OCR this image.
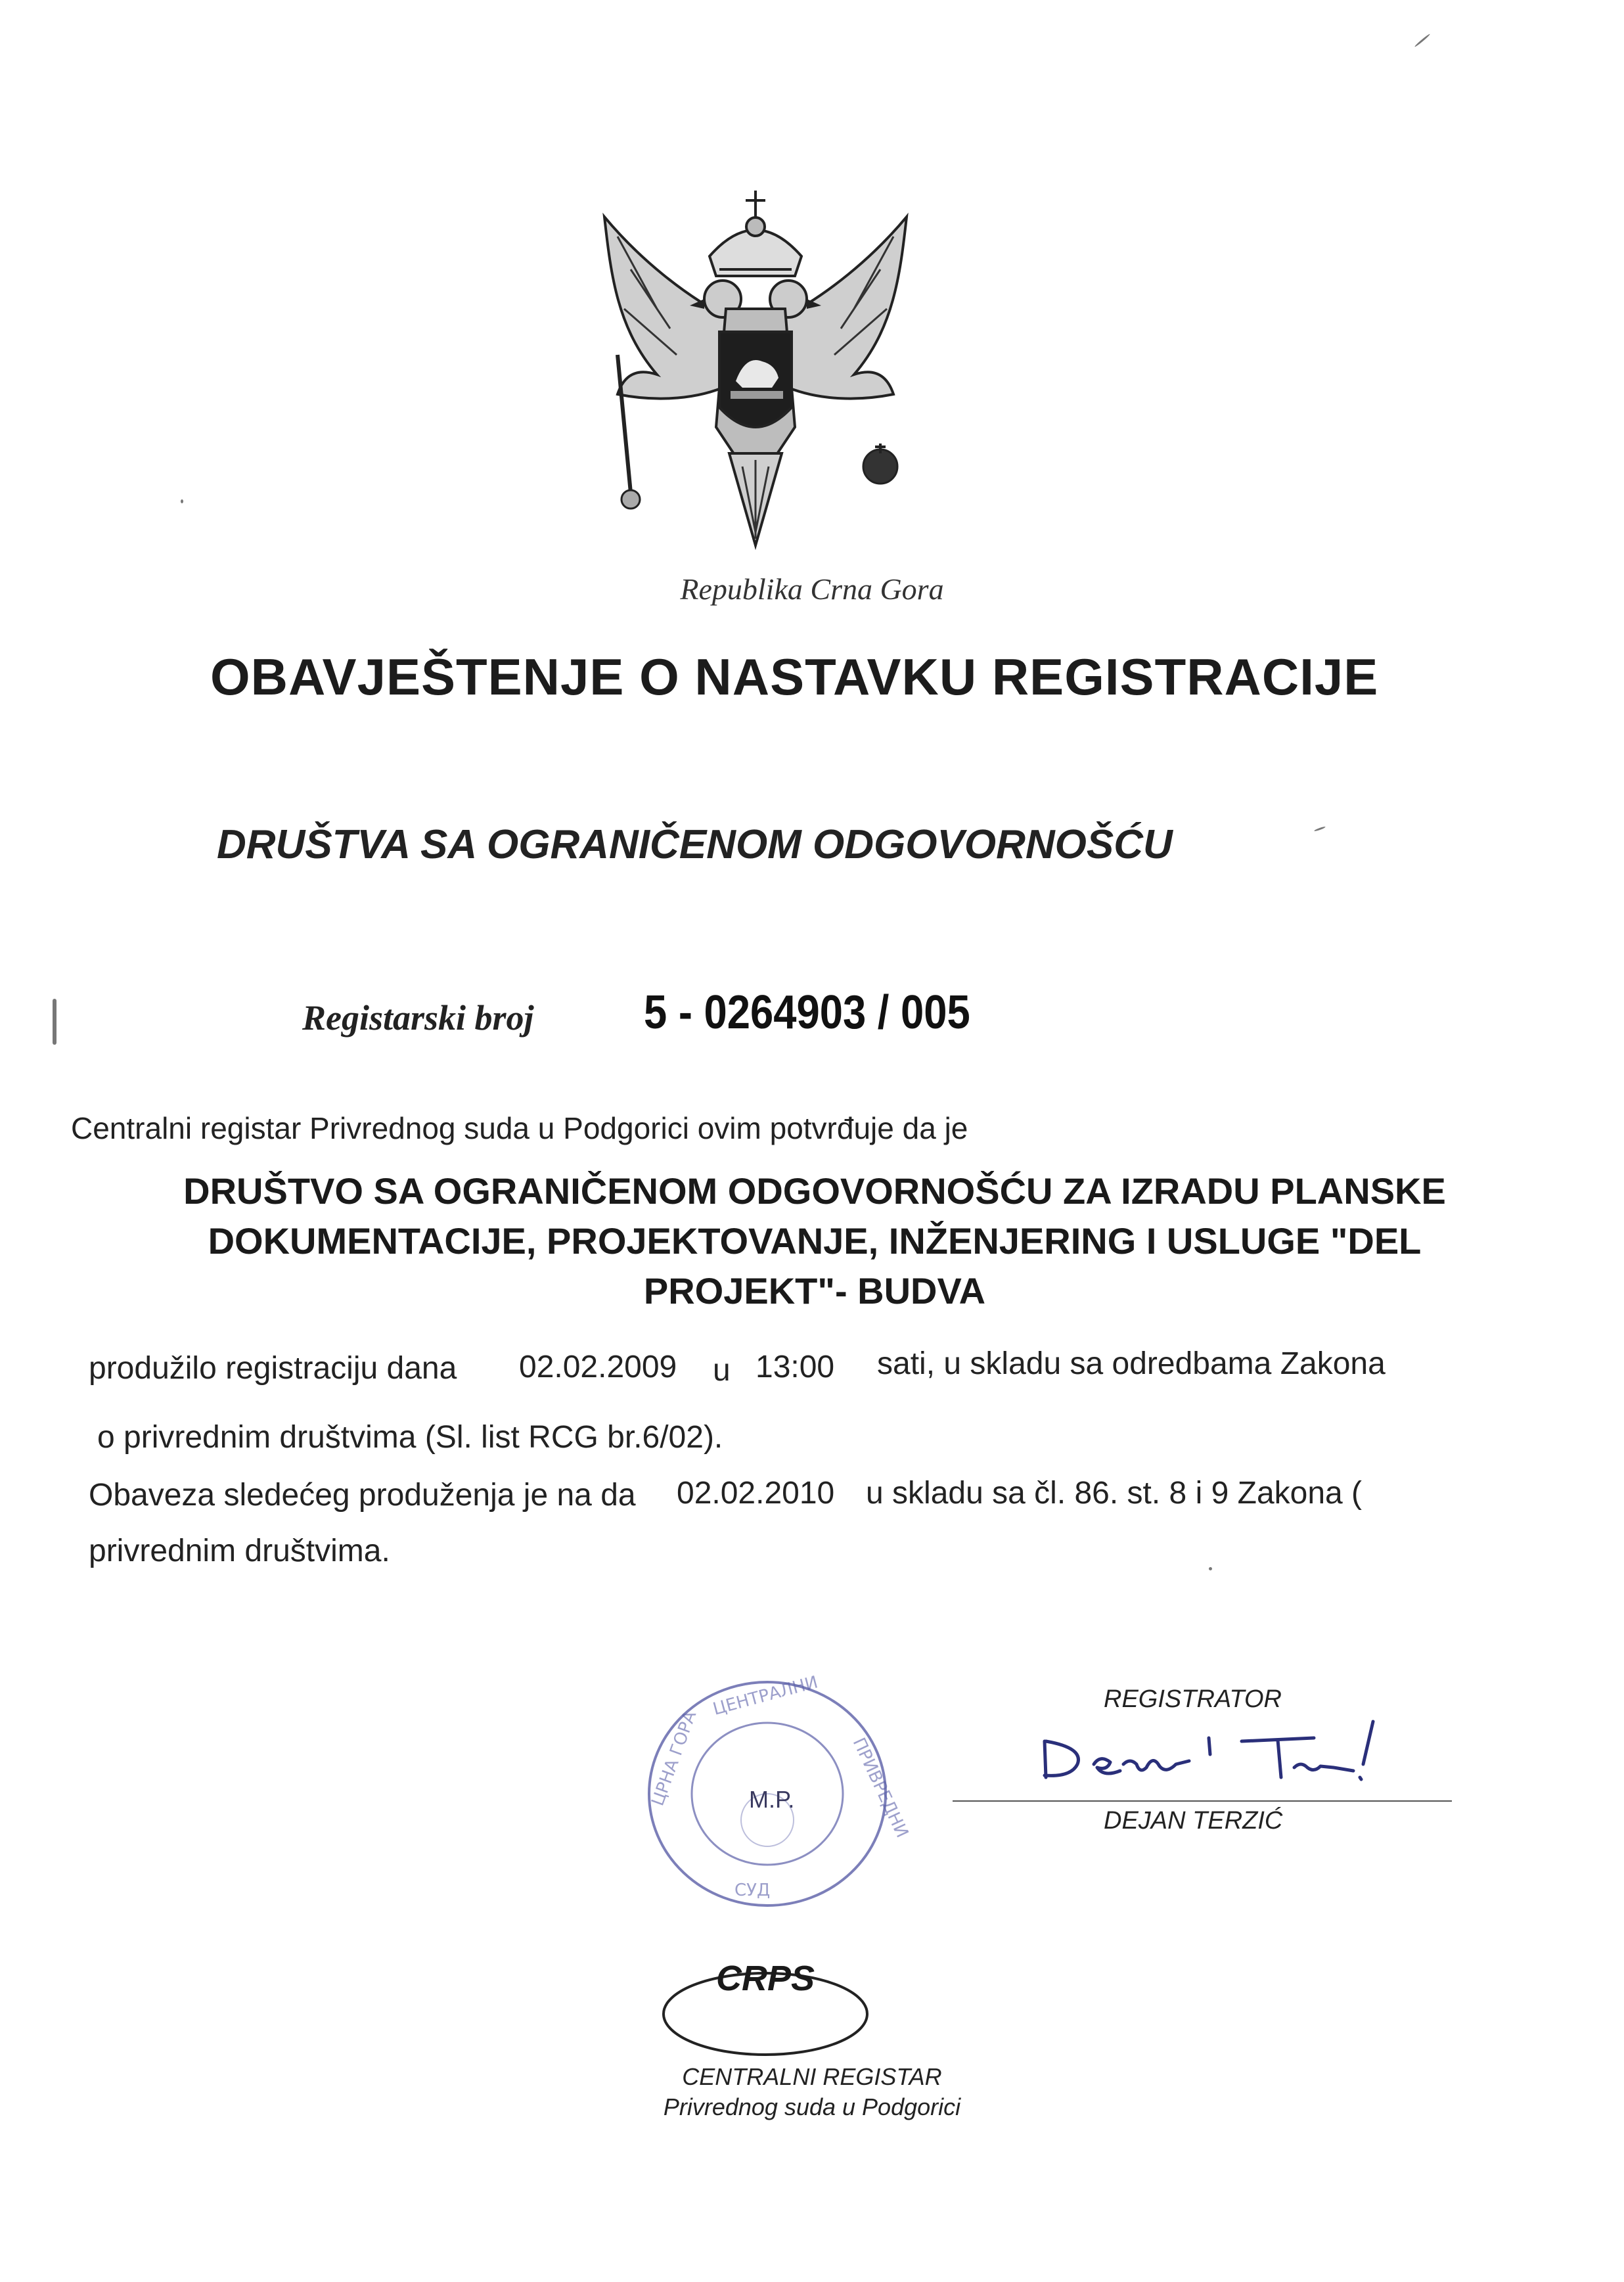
Republika Crna Gora
OBAVJEŠTENJE O NASTAVKU REGISTRACIJE
DRUŠTVA SA OGRANIČENOM ODGOVORNOŠĆU
Registarski broj 5 - 0264903 / 005
Centralni registar Privrednog suda u Podgorici ovim potvrđuje da je
DRUŠTVO SA OGRANIČENOM ODGOVORNOŠĆU ZA IZRADU PLANSKE DOKUMENTACIJE, PROJEKTOVANJE, INŽENJERING I USLUGE "DEL PROJEKT"- BUDVA
produžilo registraciju dana 02.02.2009 u 13:00 sati, u skladu sa odredbama Zakona
o privrednim društvima (Sl. list RCG br.6/02).
Obaveza sledećeg produženja je na da 02.02.2010 u skladu sa čl. 86. st. 8 i 9 Zakona (
privrednim društvima.
ЦРНА ГОРА	ПРИВРЕДНИ
ЦЕНТРАЛНИ
СУД
M.P.
REGISTRATOR
DEJAN TERZIĆ
CRPS
CENTRALNI REGISTAR
Privrednog suda u Podgorici
